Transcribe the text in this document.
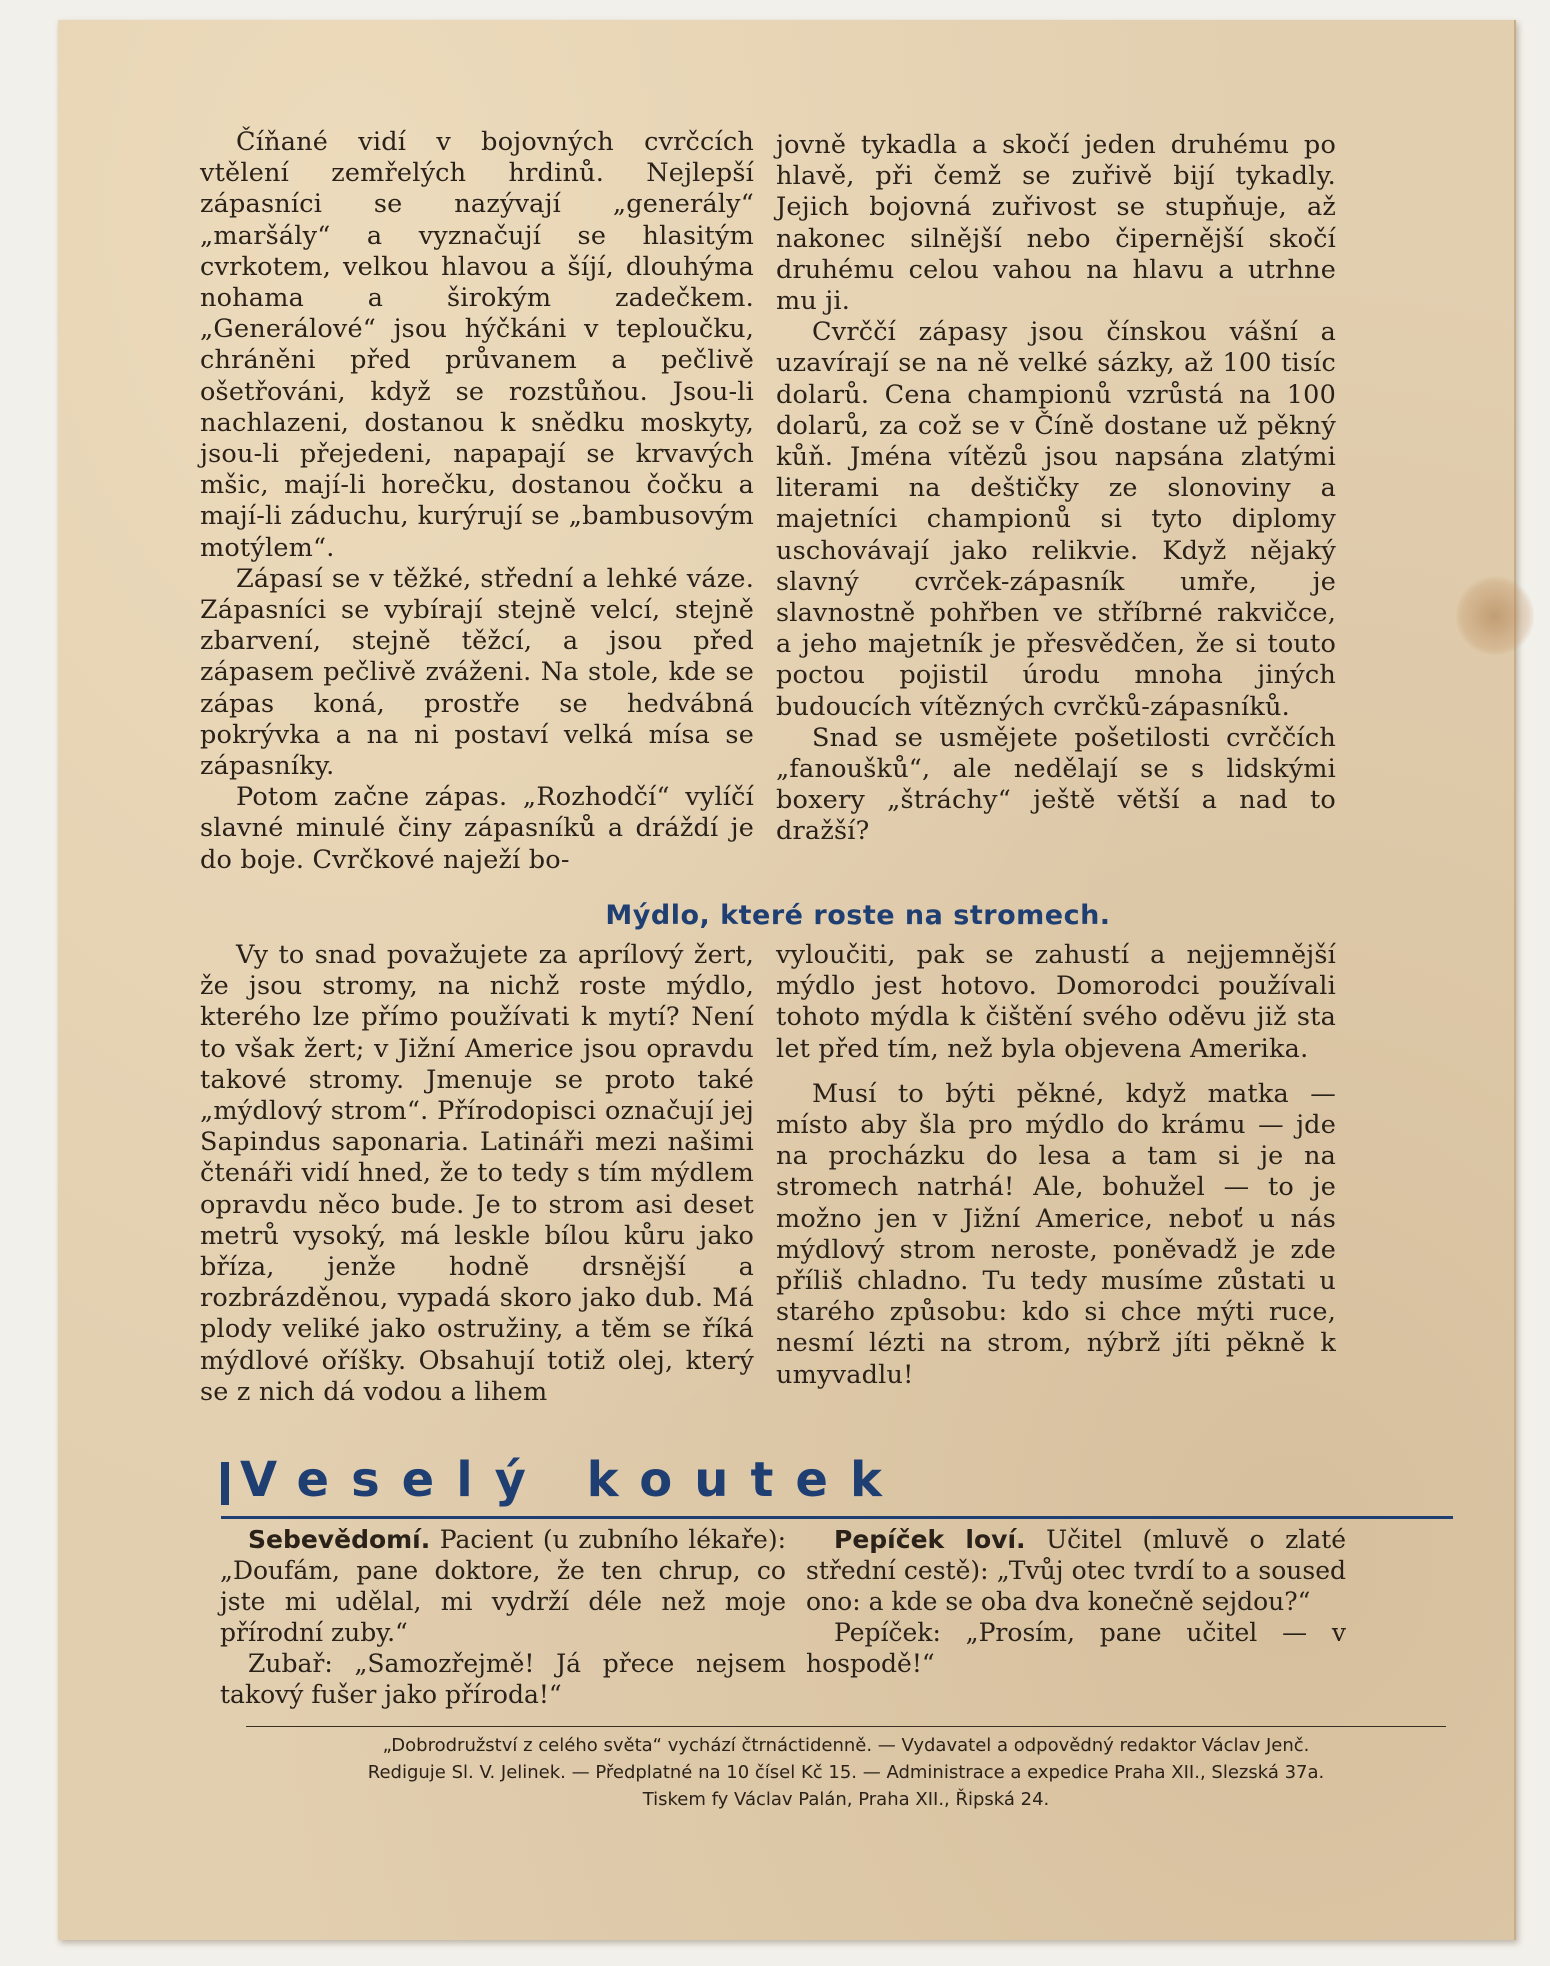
Číňané vidí v bojovných cvrčcích vtělení zemřelých hrdinů. Nejlepší zápasníci se nazývají „generály“ „maršály“ a vyznačují se hlasitým cvrkotem, velkou hlavou a šíjí, dlouhýma nohama a širokým zadečkem. „Generálové“ jsou hýčkáni v teploučku, chráněni před průvanem a pečlivě ošetřováni, když se rozstůňou. Jsou-li nachlazeni, dostanou k snědku moskyty, jsou-li přejedeni, napapají se krvavých mšic, mají-li horečku, dostanou čočku a mají-li záduchu, kurýrují se „bambusovým motýlem“.

Zápasí se v těžké, střední a lehké váze. Zápasníci se vybírají stejně velcí, stejně zbarvení, stejně těžcí, a jsou před zápasem pečlivě zváženi. Na stole, kde se zápas koná, prostře se hedvábná pokrývka a na ni postaví velká mísa se zápasníky.

Potom začne zápas. „Rozhodčí“ vylíčí slavné minulé činy zápasníků a dráždí je do boje. Cvrčkové naježí bo-

jovně tykadla a skočí jeden druhému po hlavě, při čemž se zuřivě bijí tykadly. Jejich bojovná zuřivost se stupňuje, až nakonec silnější nebo čipernější skočí druhému celou vahou na hlavu a utrhne mu ji.

Cvrččí zápasy jsou čínskou vášní a uzavírají se na ně velké sázky, až 100 tisíc dolarů. Cena championů vzrůstá na 100 dolarů, za což se v Číně dostane už pěkný kůň. Jména vítězů jsou napsána zlatými literami na deštičky ze slonoviny a majetníci championů si tyto diplomy uschovávají jako relikvie. Když nějaký slavný cvrček-zápasník umře, je slavnostně pohřben ve stříbrné rakvičce, a jeho majetník je přesvědčen, že si touto poctou pojistil úrodu mnoha jiných budoucích vítězných cvrčků-zápasníků.

Snad se usmějete pošetilosti cvrččích „fanoušků“, ale nedělají se s lidskými boxery „štráchy“ ještě větší a nad to dražší?

Mýdlo, které roste na stromech.

Vy to snad považujete za aprílový žert, že jsou stromy, na nichž roste mýdlo, kterého lze přímo používati k mytí? Není to však žert; v Jižní Americe jsou opravdu takové stromy. Jmenuje se proto také „mýdlový strom“. Přírodopisci označují jej Sapindus saponaria. Latináři mezi našimi čtenáři vidí hned, že to tedy s tím mýdlem opravdu něco bude. Je to strom asi deset metrů vysoký, má leskle bílou kůru jako bříza, jenže hodně drsnější a rozbrázděnou, vypadá skoro jako dub. Má plody veliké jako ostružiny, a těm se říká mýdlové oříšky. Obsahují totiž olej, který se z nich dá vodou a lihem

vyloučiti, pak se zahustí a nejjemnější mýdlo jest hotovo. Domorodci používali tohoto mýdla k čištění svého oděvu již sta let před tím, než byla objevena Amerika.

Musí to býti pěkné, když matka — místo aby šla pro mýdlo do krámu — jde na procházku do lesa a tam si je na stromech natrhá! Ale, bohužel — to je možno jen v Jižní Americe, neboť u nás mýdlový strom neroste, poněvadž je zde příliš chladno. Tu tedy musíme zůstati u starého způsobu: kdo si chce mýti ruce, nesmí lézti na strom, nýbrž jíti pěkně k umyvadlu!

Veselý koutek

Sebevědomí. Pacient (u zubního lékaře): „Doufám, pane doktore, že ten chrup, co jste mi udělal, mi vydrží déle než moje přírodní zuby.“

Zubař: „Samozřejmě! Já přece nejsem takový fušer jako příroda!“

Pepíček loví. Učitel (mluvě o zlaté střední cestě): „Tvůj otec tvrdí to a soused ono: a kde se oba dva konečně sejdou?“

Pepíček: „Prosím, pane učitel — v hospodě!“

„Dobrodružství z celého světa“ vychází čtrnáctidenně. — Vydavatel a odpovědný redaktor Václav Jenč.
Rediguje Sl. V. Jelinek. — Předplatné na 10 čísel Kč 15. — Administrace a expedice Praha XII., Slezská 37a.
Tiskem fy Václav Palán, Praha XII., Řipská 24.
